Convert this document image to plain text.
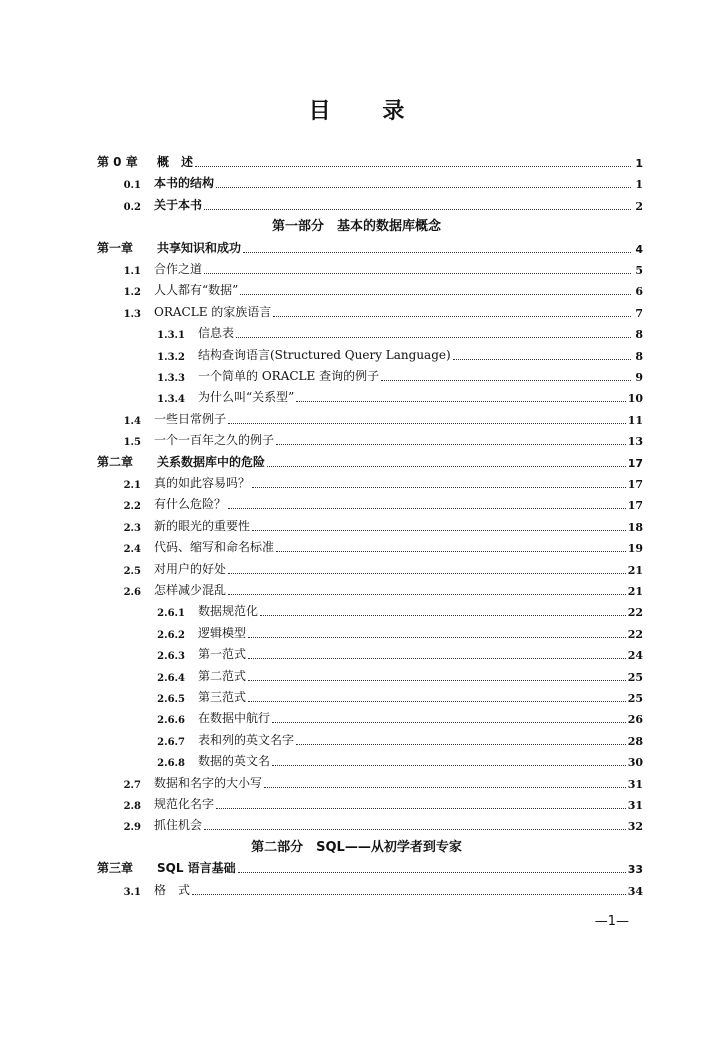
目 录
第 0 章	概　述	1
0.1 本书的结构	1
0.2 关于本书	2
第一部分　基本的数据库概念
第一章	共享知识和成功	4
1.1 合作之道	5
1.2 人人都有“数据”	6
1.3 ORACLE 的家族语言	7
1.3.1 信息表	8
1.3.2 结构查询语言(Structured Query Language)	8
1.3.3 一个简单的 ORACLE 查询的例子	9
1.3.4 为什么叫“关系型”	10
1.4 一些日常例子	11
1.5 一个一百年之久的例子	13
第二章	关系数据库中的危险	17
2.1 真的如此容易吗？	17
2.2 有什么危险？	17
2.3 新的眼光的重要性	18
2.4 代码、缩写和命名标准	19
2.5 对用户的好处	21
2.6 怎样减少混乱	21
2.6.1 数据规范化	22
2.6.2 逻辑模型	22
2.6.3 第一范式	24
2.6.4 第二范式	25
2.6.5 第三范式	25
2.6.6 在数据中航行	26
2.6.7 表和列的英文名字	28
2.6.8 数据的英文名	30
2.7 数据和名字的大小写	31
2.8 规范化名字	31
2.9 抓住机会	32
第二部分　SQL——从初学者到专家
第三章	SQL 语言基础	33
3.1 格　式	34
—1—
